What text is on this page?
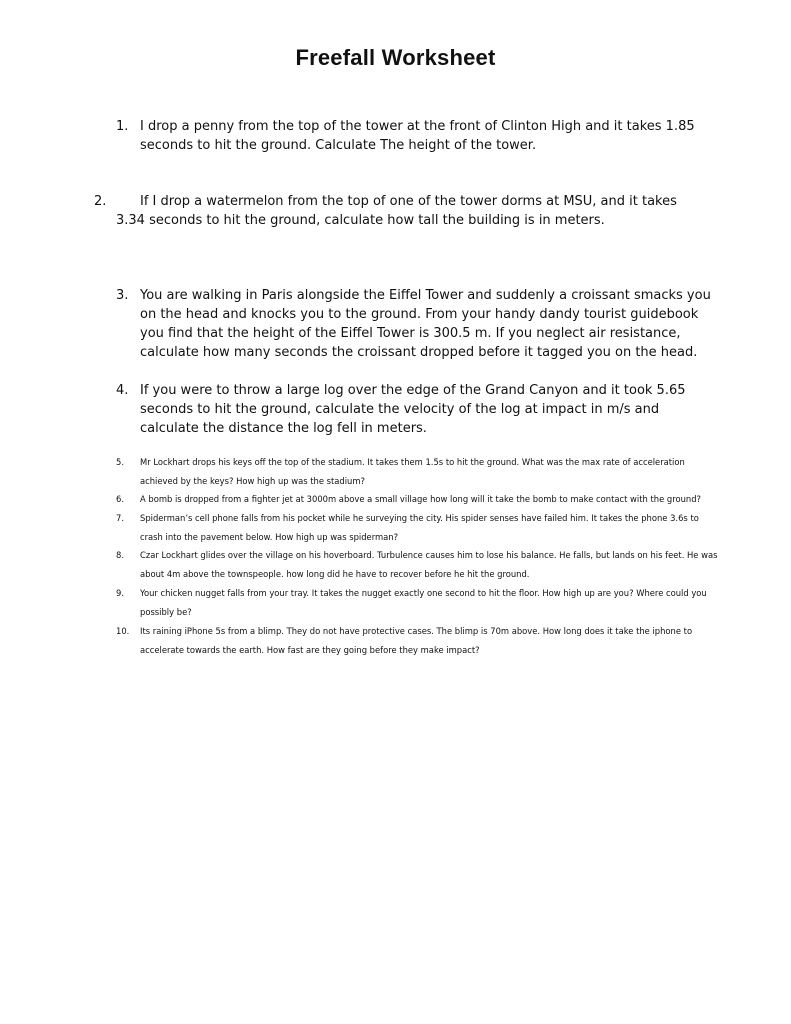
Freefall Worksheet
1. I drop a penny from the top of the tower at the front of Clinton High and it takes 1.85 seconds to hit the ground. Calculate The height of the tower.
2.	If I drop a watermelon from the top of one of the tower dorms at MSU, and it takes 3.34 seconds to hit the ground, calculate how tall the building is in meters.
3. You are walking in Paris alongside the Eiffel Tower and suddenly a croissant smacks you on the head and knocks you to the ground. From your handy dandy tourist guidebook you find that the height of the Eiffel Tower is 300.5 m. If you neglect air resistance, calculate how many seconds the croissant dropped before it tagged you on the head.
4. If you were to throw a large log over the edge of the Grand Canyon and it took 5.65 seconds to hit the ground, calculate the velocity of the log at impact in m/s and calculate the distance the log fell in meters.
5. Mr Lockhart drops his keys off the top of the stadium. It takes them 1.5s to hit the ground. What was the max rate of acceleration achieved by the keys? How high up was the stadium?
6. A bomb is dropped from a fighter jet at 3000m above a small village how long will it take the bomb to make contact with the ground?
7. Spiderman’s cell phone falls from his pocket while he surveying the city. His spider senses have failed him. It takes the phone 3.6s to crash into the pavement below. How high up was spiderman?
8. Czar Lockhart glides over the village on his hoverboard. Turbulence causes him to lose his balance. He falls, but lands on his feet. He was about 4m above the townspeople. how long did he have to recover before he hit the ground.
9. Your chicken nugget falls from your tray. It takes the nugget exactly one second to hit the floor. How high up are you? Where could you possibly be?
10. Its raining iPhone 5s from a blimp. They do not have protective cases. The blimp is 70m above. How long does it take the iphone to accelerate towards the earth. How fast are they going before they make impact?
